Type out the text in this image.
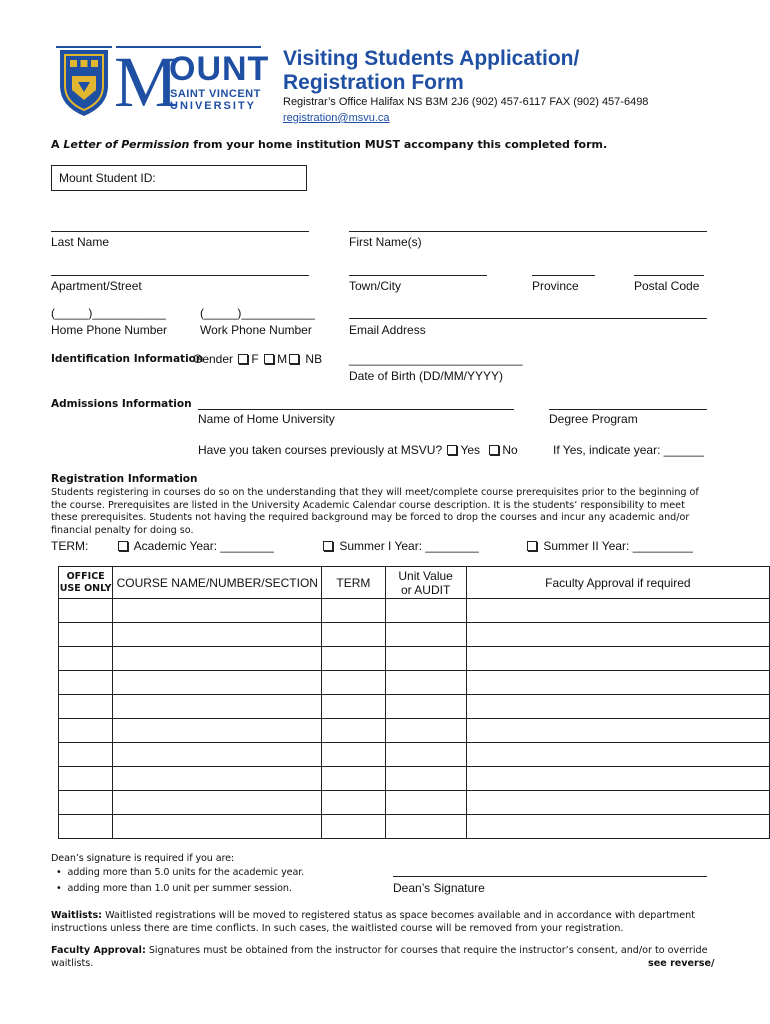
M
OUNT
SAINT VINCENT
UNIVERSITY
Visiting Students Application/
Registration Form
Registrar’s Office Halifax NS B3M 2J6 (902) 457-6117 FAX (902) 457-6498
registration@msvu.ca
A Letter of Permission from your home institution MUST accompany this completed form.
Mount Student ID:
Last Name	First Name(s)
Apartment/Street	Town/City	Province	Postal Code
(_____)___________
Home Phone Number
(_____)___________
Work Phone Number	Email Address
Identification Information
Gender F M NB __________________________
Date of Birth (DD/MM/YYYY)
Admissions Information
Name of Home University	Degree Program
Have you taken courses previously at MSVU? Yes No	If Yes, indicate year: ______
Registration Information
Students registering in courses do so on the understanding that they will meet/complete course prerequisites prior to the beginning of the course. Prerequisites are listed in the University Academic Calendar course description. It is the students’ responsibility to meet these prerequisites. Students not having the required background may be forced to drop the courses and incur any academic and/or financial penalty for doing so.
TERM:	Academic Year: ________	Summer I Year: ________	Summer II Year: _________
OFFICE USE ONLY	COURSE NAME/NUMBER/SECTION	TERM	Unit Value or AUDIT	Faculty Approval if required

Dean’s signature is required if you are:
•  adding more than 5.0 units for the academic year.
•  adding more than 1.0 unit per summer session.	Dean’s Signature
Waitlists: Waitlisted registrations will be moved to registered status as space becomes available and in accordance with department instructions unless there are time conflicts. In such cases, the waitlisted course will be removed from your registration.
Faculty Approval: Signatures must be obtained from the instructor for courses that require the instructor’s consent, and/or to override waitlists.	see reverse/
